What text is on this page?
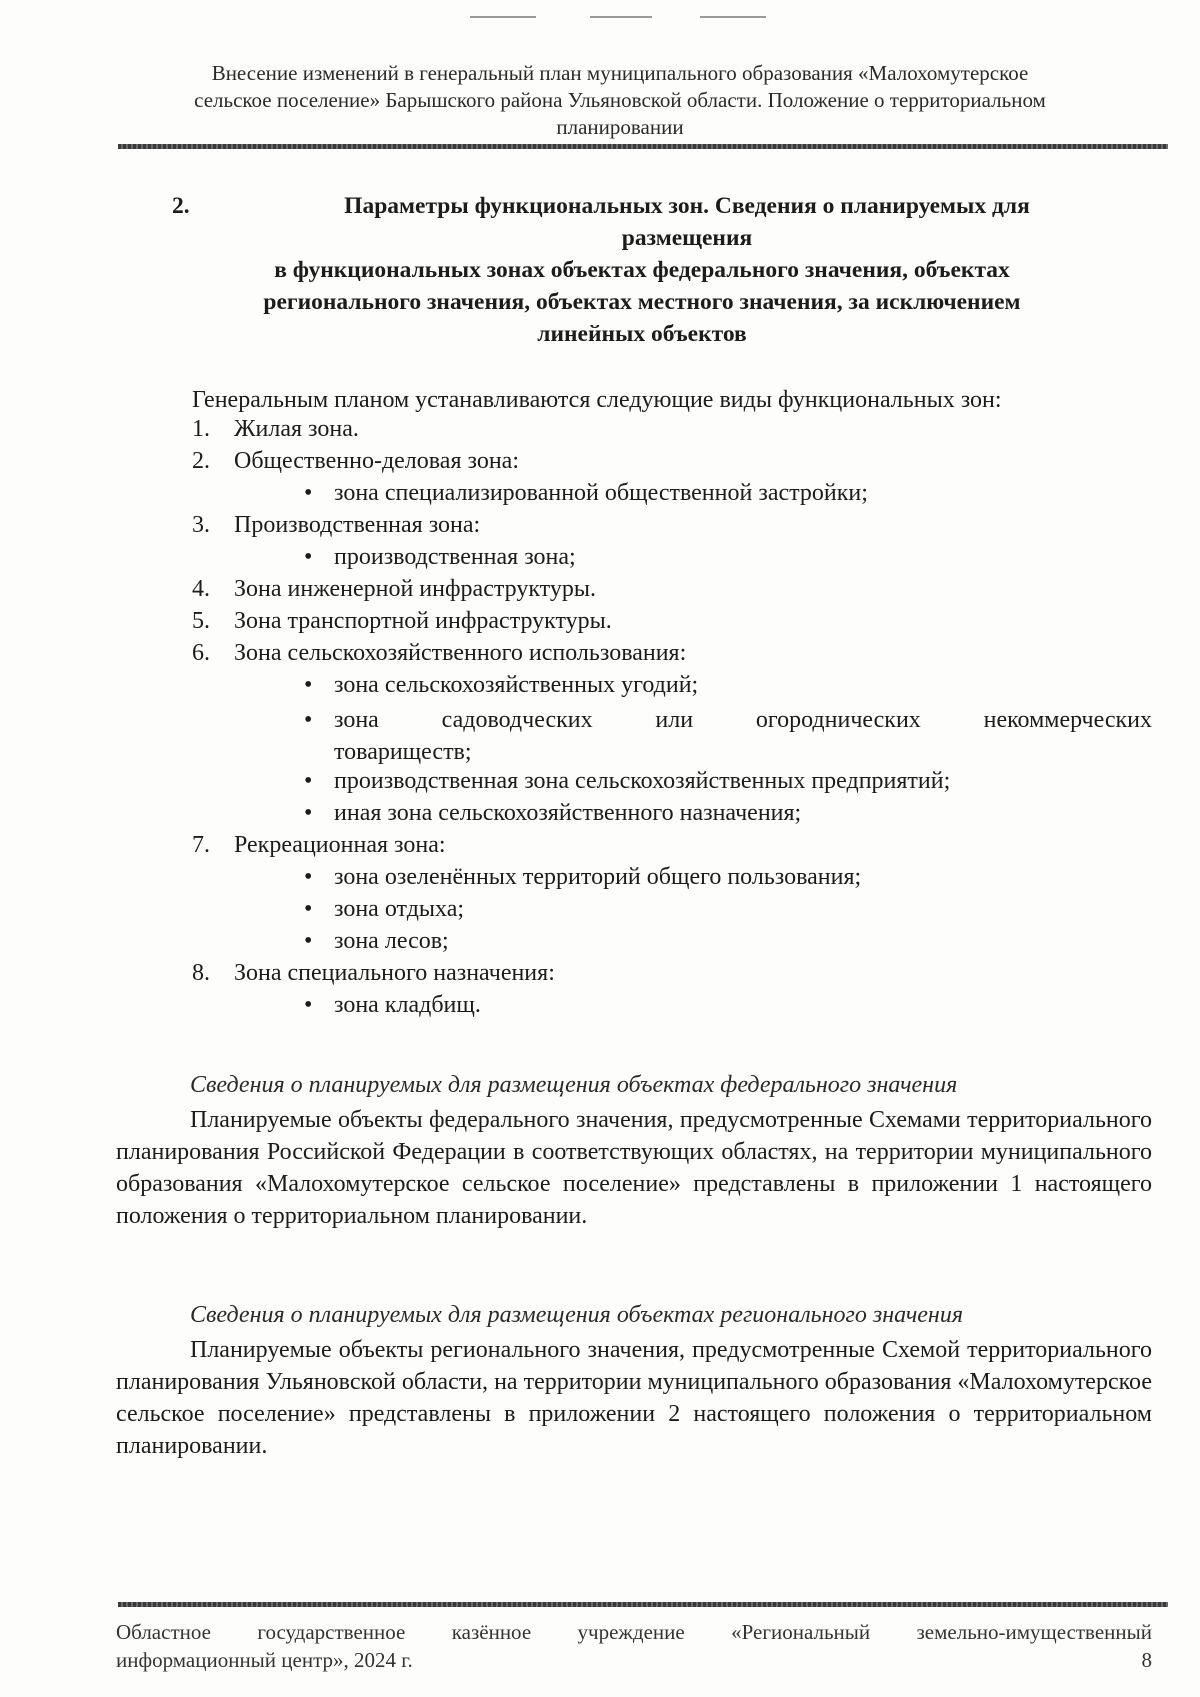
Внесение изменений в генеральный план муниципального образования «Малохомутерское
сельское поселение» Барышского района Ульяновской области. Положение о территориальном
планировании
2.	Параметры функциональных зон. Сведения о планируемых для
размещения
в функциональных зонах объектах федерального значения, объектах
регионального значения, объектах местного значения, за исключением
линейных объектов
Генеральным планом устанавливаются следующие виды функциональных зон:
1. Жилая зона.
2. Общественно-деловая зона:
• зона специализированной общественной застройки;
3. Производственная зона:
• производственная зона;
4. Зона инженерной инфраструктуры.
5. Зона транспортной инфраструктуры.
6. Зона сельскохозяйственного использования:
• зона сельскохозяйственных угодий;
• зона садоводческих или огороднических некоммерческих товариществ;
• производственная зона сельскохозяйственных предприятий;
• иная зона сельскохозяйственного назначения;
7. Рекреационная зона:
• зона озеленённых территорий общего пользования;
• зона отдыха;
• зона лесов;
8. Зона специального назначения:
• зона кладбищ.
Сведения о планируемых для размещения объектах федерального значения
Планируемые объекты федерального значения, предусмотренные Схемами территориального планирования Российской Федерации в соответствующих областях, на территории муниципального образования «Малохомутерское сельское поселение» представлены в приложении 1 настоящего положения о территориальном планировании.
Сведения о планируемых для размещения объектах регионального значения
Планируемые объекты регионального значения, предусмотренные Схемой территориального планирования Ульяновской области, на территории муниципального образования «Малохомутерское сельское поселение» представлены в приложении 2 настоящего положения о территориальном планировании.
Областное государственное казённое учреждение «Региональный земельно-имущественный
информационный центр», 2024 г.	8
